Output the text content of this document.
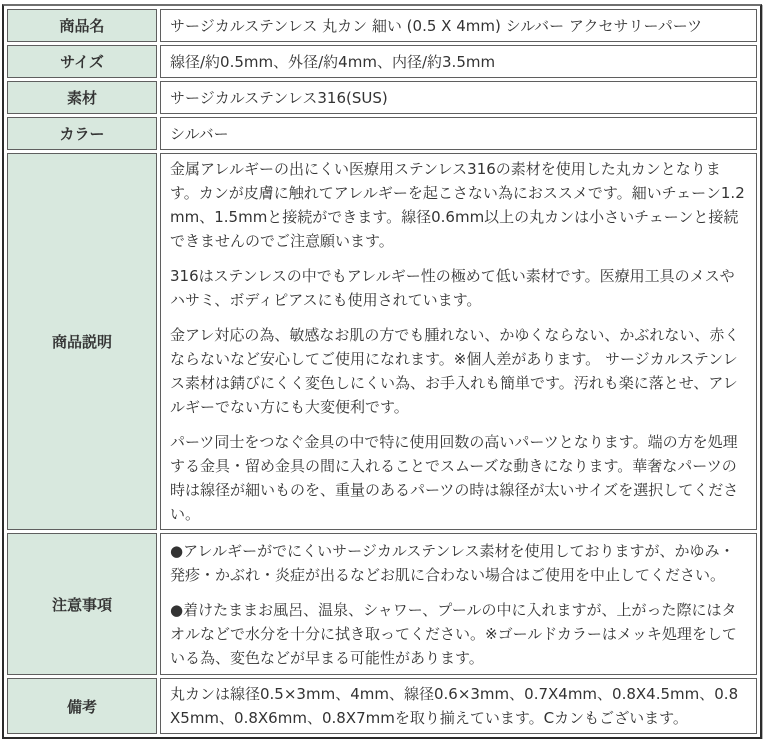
商品名	サージカルステンレス 丸カン 細い (0.5 X 4mm) シルバー アクセサリーパーツ
サイズ	線径/約0.5mm、外径/約4mm、内径/約3.5mm
素材	サージカルステンレス316(SUS)
カラー	シルバー
商品説明	金属アレルギーの出にくい医療用ステンレス316の素材を使用した丸カンとなります。カンが皮膚に触れてアレルギーを起こさない為におススメです。細いチェーン1.2mm、1.5mmと接続ができます。線径0.6mm以上の丸カンは小さいチェーンと接続できませんのでご注意願います。

316はステンレスの中でもアレルギー性の極めて低い素材です。医療用工具のメスやハサミ、ボディピアスにも使用されています。

金アレ対応の為、敏感なお肌の方でも腫れない、かゆくならない、かぶれない、赤くならないなど安心してご使用になれます。※個人差があります。 サージカルステンレス素材は錆びにくく変色しにくい為、お手入れも簡単です。汚れも楽に落とせ、アレルギーでない方にも大変便利です。

パーツ同士をつなぐ金具の中で特に使用回数の高いパーツとなります。端の方を処理する金具・留め金具の間に入れることでスムーズな動きになります。華奢なパーツの時は線径が細いものを、重量のあるパーツの時は線径が太いサイズを選択してください。

注意事項	●アレルギーがでにくいサージカルステンレス素材を使用しておりますが、かゆみ・発疹・かぶれ・炎症が出るなどお肌に合わない場合はご使用を中止してください。

●着けたままお風呂、温泉、シャワー、プールの中に入れますが、上がった際にはタオルなどで水分を十分に拭き取ってください。※ゴールドカラーはメッキ処理をしている為、変色などが早まる可能性があります。

備考	丸カンは線径0.5×3mm、4mm、線径0.6×3mm、0.7X4mm、0.8X4.5mm、0.8X5mm、0.8X6mm、0.8X7mmを取り揃えています。Cカンもございます。
